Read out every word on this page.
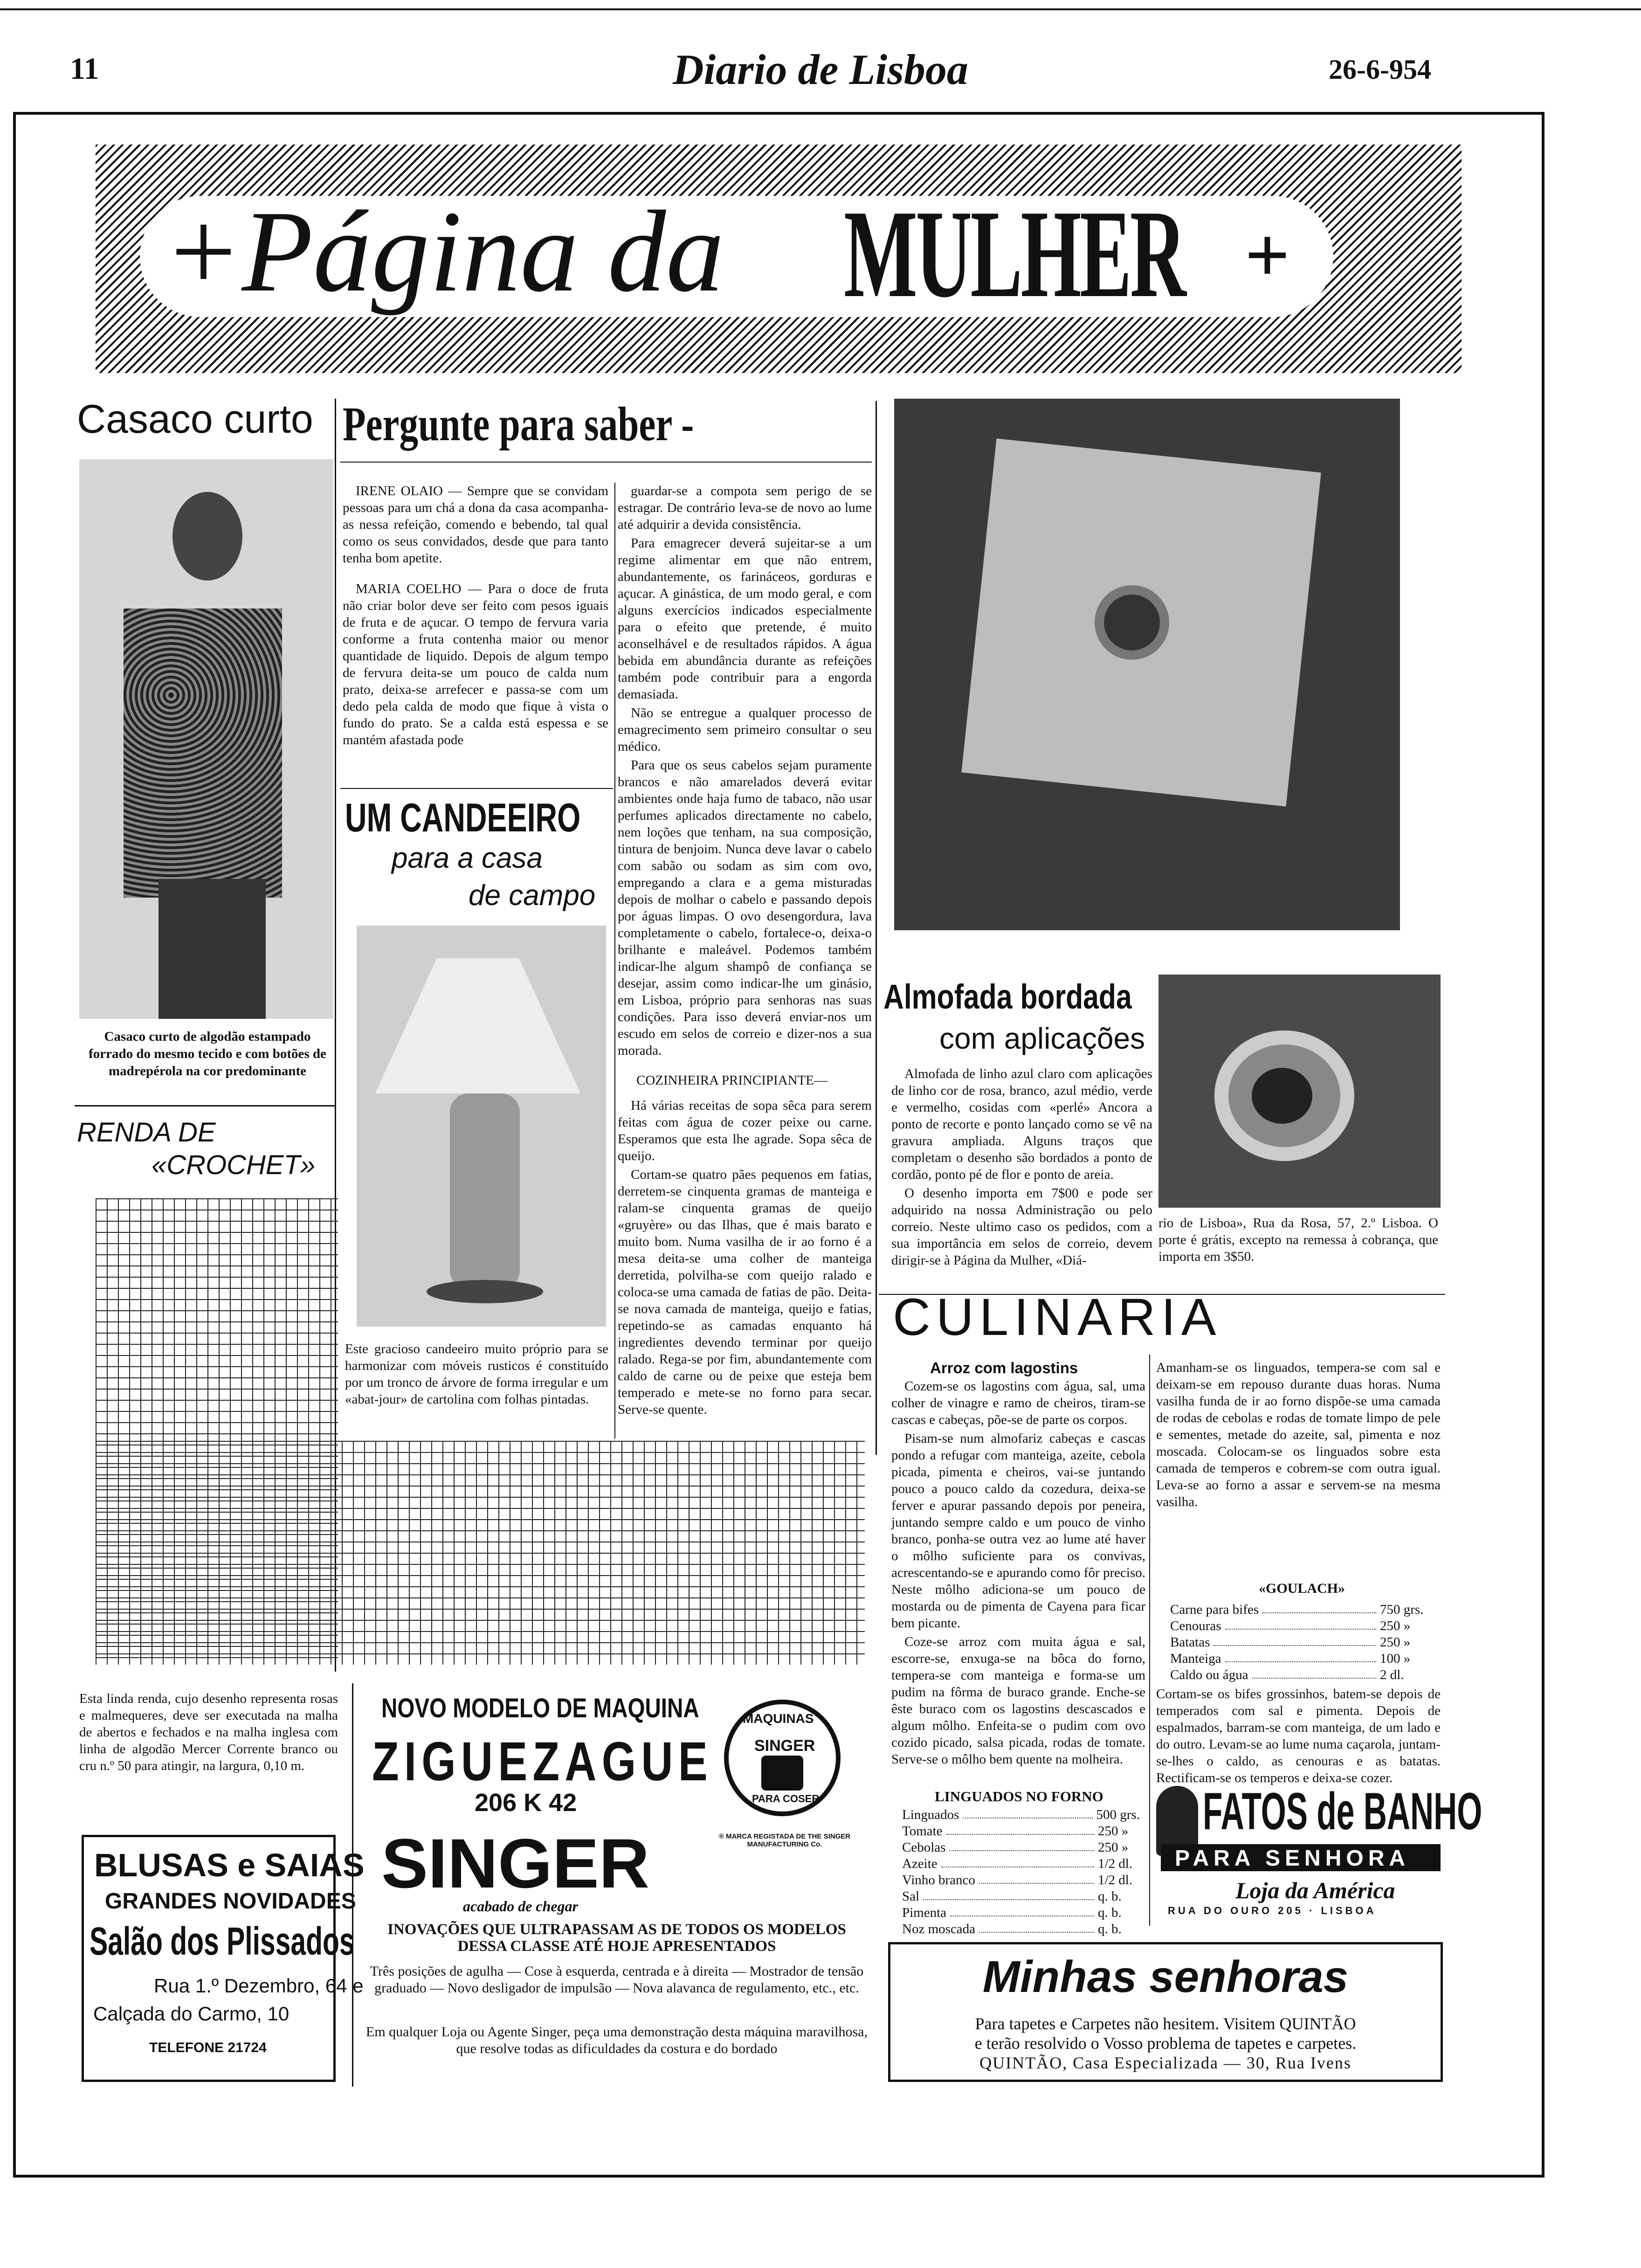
11	Diario de Lisboa	26-6-954
+Página da MULHER +
Casaco curto
Casaco curto de algodão estampado forrado do mesmo tecido e com botões de madrepérola na cor predominante
RENDA DE
«CROCHET»
Esta linda renda, cujo desenho representa rosas e malmequeres, deve ser executada na malha de abertos e fechados e na malha inglesa com linha de algodão Mercer Corrente branco ou cru n.º 50 para atingir, na largura, 0,10 m.
BLUSAS e SAIAS
GRANDES NOVIDADES
Salão dos Plissados
Rua 1.º Dezembro, 64 e
Calçada do Carmo, 10
TELEFONE 21724
Pergunte para saber -

IRENE OLAIO — Sempre que se convidam pessoas para um chá a dona da casa acompanha-as nessa refeição, comendo e bebendo, tal qual como os seus convidados, desde que para tanto tenha bom apetite.

MARIA COELHO — Para o doce de fruta não criar bolor deve ser feito com pesos iguais de fruta e de açucar. O tempo de fervura varia conforme a fruta contenha maior ou menor quantidade de liquido. Depois de algum tempo de fervura deita-se um pouco de calda num prato, deixa-se arrefecer e passa-se com um dedo pela calda de modo que fique à vista o fundo do prato. Se a calda está espessa e se mantém afastada pode

guardar-se a compota sem perigo de se estragar. De contrário leva-se de novo ao lume até adquirir a devida consistência.

Para emagrecer deverá sujeitar-se a um regime alimentar em que não entrem, abundantemente, os farináceos, gorduras e açucar. A ginástica, de um modo geral, e com alguns exercícios indicados especialmente para o efeito que pretende, é muito aconselhável e de resultados rápidos. A água bebida em abundância durante as refeições também pode contribuir para a engorda demasiada.

Não se entregue a qualquer processo de emagrecimento sem primeiro consultar o seu médico.

Para que os seus cabelos sejam puramente brancos e não amarelados deverá evitar ambientes onde haja fumo de tabaco, não usar perfumes aplicados directamente no cabelo, nem loções que tenham, na sua composição, tintura de benjoim. Nunca deve lavar o cabelo com sabão ou sodam as sim com ovo, empregando a clara e a gema misturadas depois de molhar o cabelo e passando depois por águas limpas. O ovo desengordura, lava completamente o cabelo, fortalece-o, deixa-o brilhante e maleável. Podemos também indicar-lhe algum shampô de confiança se desejar, assim como indicar-lhe um ginásio, em Lisboa, próprio para senhoras nas suas condições. Para isso deverá enviar-nos um escudo em selos de correio e dizer-nos a sua morada.

COZINHEIRA PRINCIPIANTE—

Há várias receitas de sopa sêca para serem feitas com água de cozer peixe ou carne. Esperamos que esta lhe agrade. Sopa sêca de queijo.

Cortam-se quatro pães pequenos em fatias, derretem-se cinquenta gramas de manteiga e ralam-se cinquenta gramas de queijo «gruyère» ou das Ilhas, que é mais barato e muito bom. Numa vasilha de ir ao forno é a mesa deita-se uma colher de manteiga derretida, polvilha-se com queijo ralado e coloca-se uma camada de fatias de pão. Deita-se nova camada de manteiga, queijo e fatias, repetindo-se as camadas enquanto há ingredientes devendo terminar por queijo ralado. Rega-se por fim, abundantemente com caldo de carne ou de peixe que esteja bem temperado e mete-se no forno para secar. Serve-se quente.

UM CANDEEIRO
para a casa
de campo
Este gracioso candeeiro muito próprio para se harmonizar com móveis rusticos é constituído por um tronco de árvore de forma irregular e um «abat-jour» de cartolina com folhas pintadas.
Almofada bordada
com aplicações

Almofada de linho azul claro com aplicações de linho cor de rosa, branco, azul médio, verde e vermelho, cosidas com «perlé» Ancora a ponto de recorte e ponto lançado como se vê na gravura ampliada. Alguns traços que completam o desenho são bordados a ponto de cordão, ponto pé de flor e ponto de areia.

O desenho importa em 7$00 e pode ser adquirido na nossa Administração ou pelo correio. Neste ultimo caso os pedidos, com a sua importância em selos de correio, devem dirigir-se à Página da Mulher, «Diá-

rio de Lisboa», Rua da Rosa, 57, 2.º Lisboa. O porte é grátis, excepto na remessa à cobrança, que importa em 3$50.
CULINARIA
Arroz com lagostins

Cozem-se os lagostins com água, sal, uma colher de vinagre e ramo de cheiros, tiram-se cascas e cabeças, põe-se de parte os corpos.

Pisam-se num almofariz cabeças e cascas pondo a refugar com manteiga, azeite, cebola picada, pimenta e cheiros, vai-se juntando pouco a pouco caldo da cozedura, deixa-se ferver e apurar passando depois por peneira, juntando sempre caldo e um pouco de vinho branco, ponha-se outra vez ao lume até haver o môlho suficiente para os convivas, acrescentando-se e apurando como fôr preciso. Neste môlho adiciona-se um pouco de mostarda ou de pimenta de Cayena para ficar bem picante.

Coze-se arroz com muita água e sal, escorre-se, enxuga-se na bôca do forno, tempera-se com manteiga e forma-se um pudim na fôrma de buraco grande. Enche-se êste buraco com os lagostins descascados e algum môlho. Enfeita-se o pudim com ovo cozido picado, salsa picada, rodas de tomate. Serve-se o môlho bem quente na molheira.

LINGUADOS NO FORNO
Linguados	500 grs.
Tomate	250 »
Cebolas	250 »
Azeite	1/2 dl.
Vinho branco	1/2 dl.
Sal	q. b.
Pimenta	q. b.
Noz moscada	q. b.
Amanham-se os linguados, tempera-se com sal e deixam-se em repouso durante duas horas. Numa vasilha funda de ir ao forno dispõe-se uma camada de rodas de cebolas e rodas de tomate limpo de pele e sementes, metade do azeite, sal, pimenta e noz moscada. Colocam-se os linguados sobre esta camada de temperos e cobrem-se com outra igual. Leva-se ao forno a assar e servem-se na mesma vasilha.
«GOULACH»
Carne para bifes	750 grs.
Cenouras	250 »
Batatas	250 »
Manteiga	100 »
Caldo ou água	2 dl.
Cortam-se os bifes grossinhos, batem-se depois de temperados com sal e pimenta. Depois de espalmados, barram-se com manteiga, de um lado e do outro. Levam-se ao lume numa caçarola, juntam-se-lhes o caldo, as cenouras e as batatas. Rectificam-se os temperos e deixa-se cozer.
FATOS de BANHO
PARA SENHORA
Loja da América
RUA DO OURO 205 · LISBOA
NOVO MODELO DE MAQUINA
ZIGUEZAGUE
206 K 42
SINGER
acabado de chegar
MAQUINAS
SINGER
PARA COSER
® MARCA REGISTADA DE THE SINGER MANUFACTURING Co.
INOVAÇÕES QUE ULTRAPASSAM AS DE TODOS OS MODELOS DESSA CLASSE ATÉ HOJE APRESENTADOS
Três posições de agulha — Cose à esquerda, centrada e à direita — Mostrador de tensão graduado — Novo desligador de impulsão — Nova alavanca de regulamento, etc., etc.
Em qualquer Loja ou Agente Singer, peça uma demonstração desta máquina maravilhosa, que resolve todas as dificuldades da costura e do bordado
Minhas senhoras
Para tapetes e Carpetes não hesitem. Visitem QUINTÃO
e terão resolvido o Vosso problema de tapetes e carpetes.
QUINTÃO, Casa Especializada — 30, Rua Ivens
